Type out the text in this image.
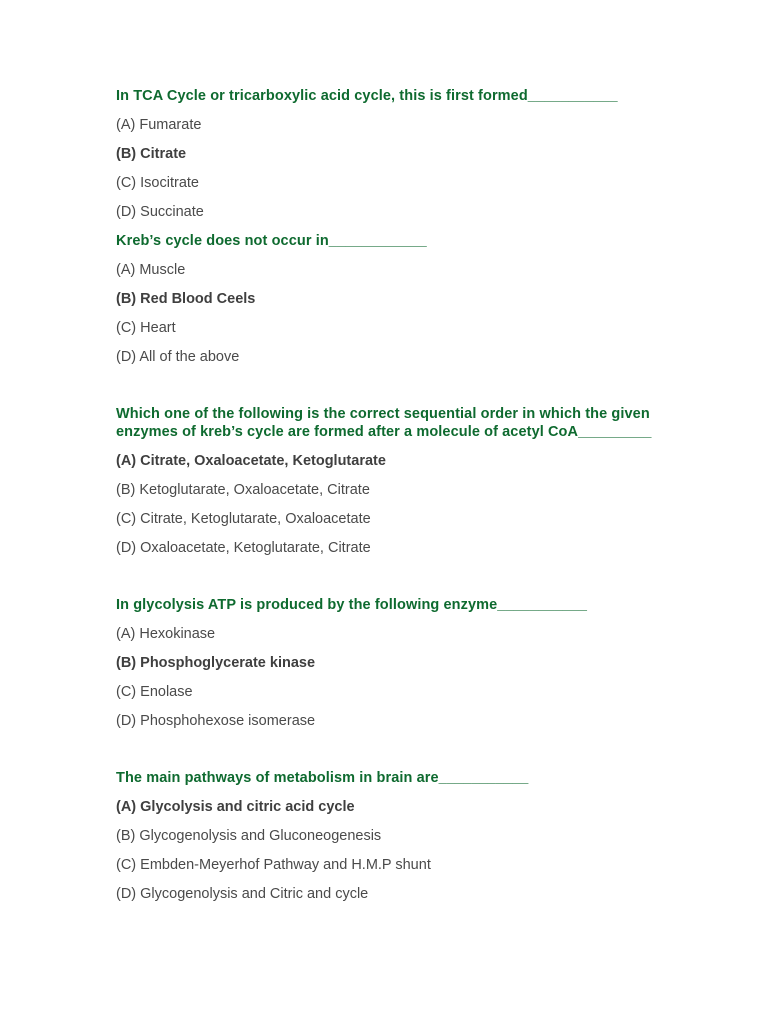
In TCA Cycle or tricarboxylic acid cycle, this is first formed___________

(A) Fumarate

(B) Citrate

(C) Isocitrate

(D) Succinate

Kreb’s cycle does not occur in____________

(A) Muscle

(B) Red Blood Ceels

(C) Heart

(D) All of the above

Which one of the following is the correct sequential order in which the given enzymes of kreb’s cycle are formed after a molecule of acetyl CoA_________

(A) Citrate, Oxaloacetate, Ketoglutarate

(B) Ketoglutarate, Oxaloacetate, Citrate

(C) Citrate, Ketoglutarate, Oxaloacetate

(D) Oxaloacetate, Ketoglutarate, Citrate

In glycolysis ATP is produced by the following enzyme___________

(A) Hexokinase

(B) Phosphoglycerate kinase

(C) Enolase

(D) Phosphohexose isomerase

The main pathways of metabolism in brain are___________

(A) Glycolysis and citric acid cycle

(B) Glycogenolysis and Gluconeogenesis

(C) Embden-Meyerhof Pathway and H.M.P shunt

(D) Glycogenolysis and Citric and cycle
